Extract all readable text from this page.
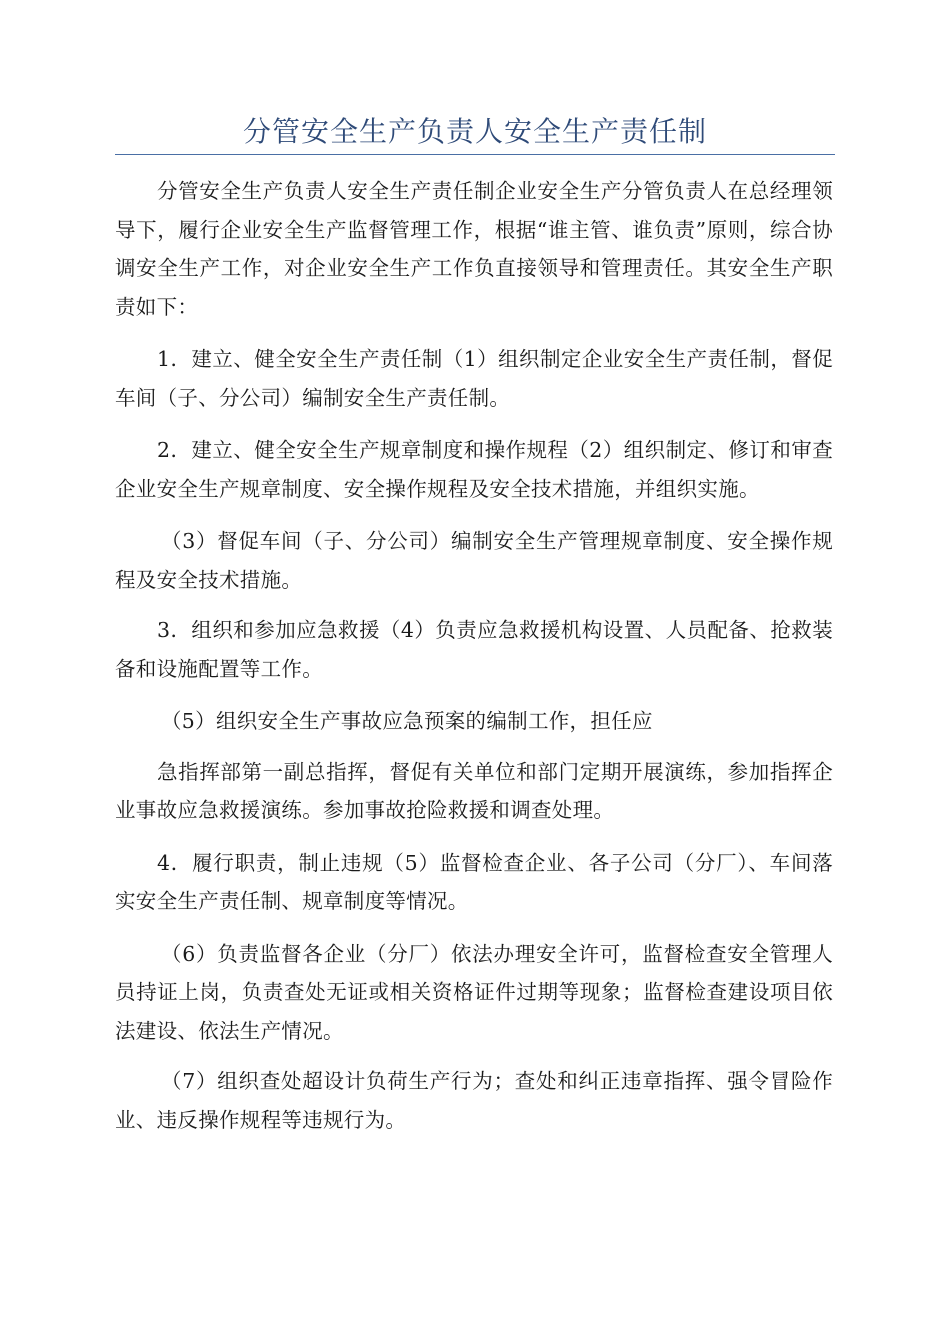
分管安全生产负责人安全生产责任制

分管安全生产负责人安全生产责任制企业安全生产分管负责人在总经理领导下，履行企业安全生产监督管理工作，根据“谁主管、谁负责”原则，综合协调安全生产工作，对企业安全生产工作负直接领导和管理责任。其安全生产职责如下：

1．建立、健全安全生产责任制（1）组织制定企业安全生产责任制，督促车间（子、分公司）编制安全生产责任制。

2．建立、健全安全生产规章制度和操作规程（2）组织制定、修订和审查企业安全生产规章制度、安全操作规程及安全技术措施，并组织实施。

（3）督促车间（子、分公司）编制安全生产管理规章制度、安全操作规程及安全技术措施。

3．组织和参加应急救援（4）负责应急救援机构设置、人员配备、抢救装备和设施配置等工作。

（5）组织安全生产事故应急预案的编制工作，担任应

急指挥部第一副总指挥，督促有关单位和部门定期开展演练，参加指挥企业事故应急救援演练。参加事故抢险救援和调查处理。

4．履行职责，制止违规（5）监督检查企业、各子公司（分厂）、车间落实安全生产责任制、规章制度等情况。

（6）负责监督各企业（分厂）依法办理安全许可，监督检查安全管理人员持证上岗，负责查处无证或相关资格证件过期等现象；监督检查建设项目依法建设、依法生产情况。

（7）组织查处超设计负荷生产行为；查处和纠正违章指挥、强令冒险作业、违反操作规程等违规行为。
